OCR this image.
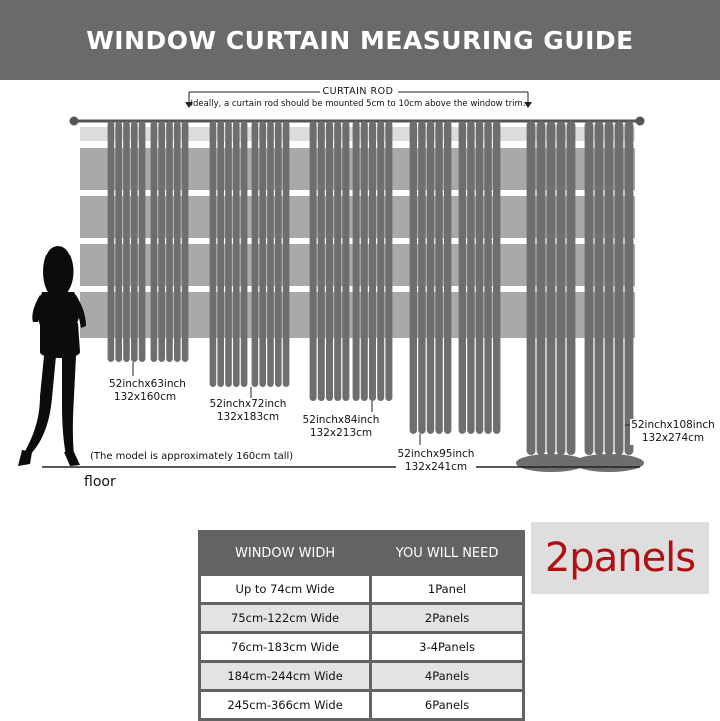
WINDOW CURTAIN MEASURING GUIDE
CURTAIN ROD
Ideally, a curtain rod should be mounted 5cm to 10cm above the window trim.
52inchx63inch
132x160cm
52inchx72inch
132x183cm	52inchx84inch
132x213cm
52inchx95inch
132x241cm
52inchx108inch
132x274cm
(The model is approximately 160cm tall)
floor
WINDOW WIDH	YOU WILL NEED
Up to 74cm Wide	1Panel
75cm-122cm Wide	2Panels
76cm-183cm Wide	3-4Panels
184cm-244cm Wide	4Panels
245cm-366cm Wide	6Panels
2panels
